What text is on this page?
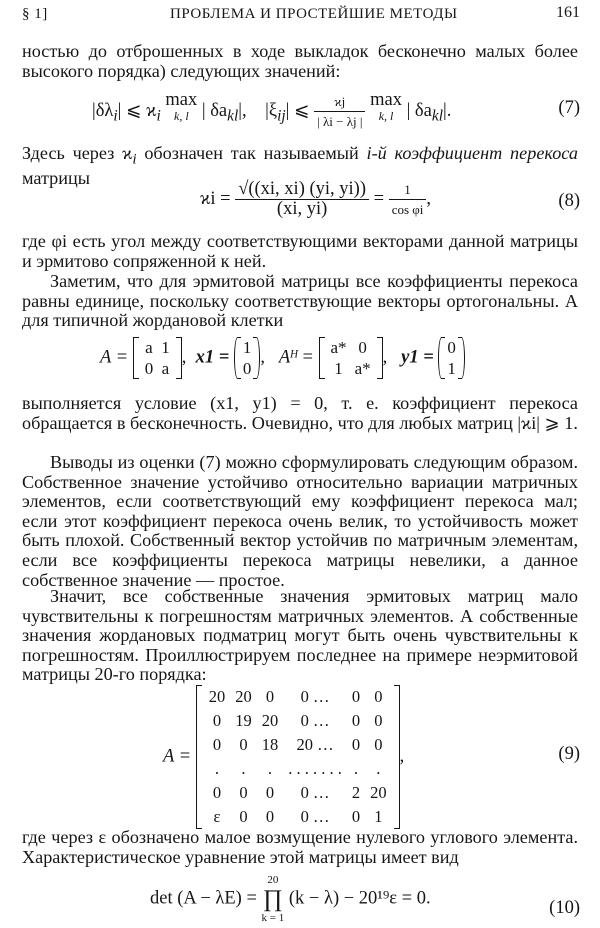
§ 1]	ПРОБЛЕМА И ПРОСТЕЙШИЕ МЕТОДЫ	161

ностью до отброшенных в ходе выкладок бесконечно малых более высокого порядка) следующих значений:

$|\delta\lambda_i|$ ⩽ $ϰ_i$ max
k, l | $\delta a_{kl}|$, $|\xi_{ij}|$ ⩽ $\frac{ϰj}{| \lambda i - \lambda j |}$ max
k, l | $\delta a_{kl}|$.	(7)

Здесь через $ϰ_i$ обозначен так называемый i-й коэффициент перекоса матрицы

$ϰi = \frac{√((xi, xi) (yi, yi))}{(xi, yi)} = \frac{1}{\text{cos φi}}$ ,	(8)

где φi есть угол между соответствующими векторами данной матрицы и эрмитово сопряженной к ней.

Заметим, что для эрмитовой матрицы все коэффициенты перекоса равны единице, поскольку соответствующие векторы ортогональны. А для типичной жордановой клетки

A = a	1
0	a
,  x1 = 1
0
,   Aᴴ = a*	0
1	a*
,   y1 = 0
1

выполняется условие (x1, y1) = 0, т. е. коэффициент перекоса обращается в бесконечность. Очевидно, что для любых матриц |ϰi| ⩾ 1.

Выводы из оценки (7) можно сформулировать следующим образом. Собственное значение устойчиво относительно вариации матричных элементов, если соответствующий ему коэффициент перекоса мал; если этот коэффициент перекоса очень велик, то устойчивость может быть плохой. Собственный вектор устойчив по матричным элементам, если все коэффициенты перекоса матрицы невелики, а данное собственное значение — простое.

Значит, все собственные значения эрмитовых матриц мало чувствительны к погрешностям матричных элементов. А собственные значения жордановых подматриц могут быть очень чувствительны к погрешностям. Проиллюстрируем последнее на примере неэрмитовой матрицы 20-го порядка:

A =
20	20	0	0 …	0	0
0	19	20	0 …	0	0
0	0	18	20 …	0	0
.	.	.	. . . . . . .	.	.
0	0	0	0 …	2	20
ε	0	0	0 …	0	1
,	(9)

где через ε обозначено малое возмущение нулевого углового элемента. Характеристическое уравнение этой матрицы имеет вид

det (A − λE) =
20
∏
k = 1
(k − λ) − 20¹⁹ε = 0.	(10)
